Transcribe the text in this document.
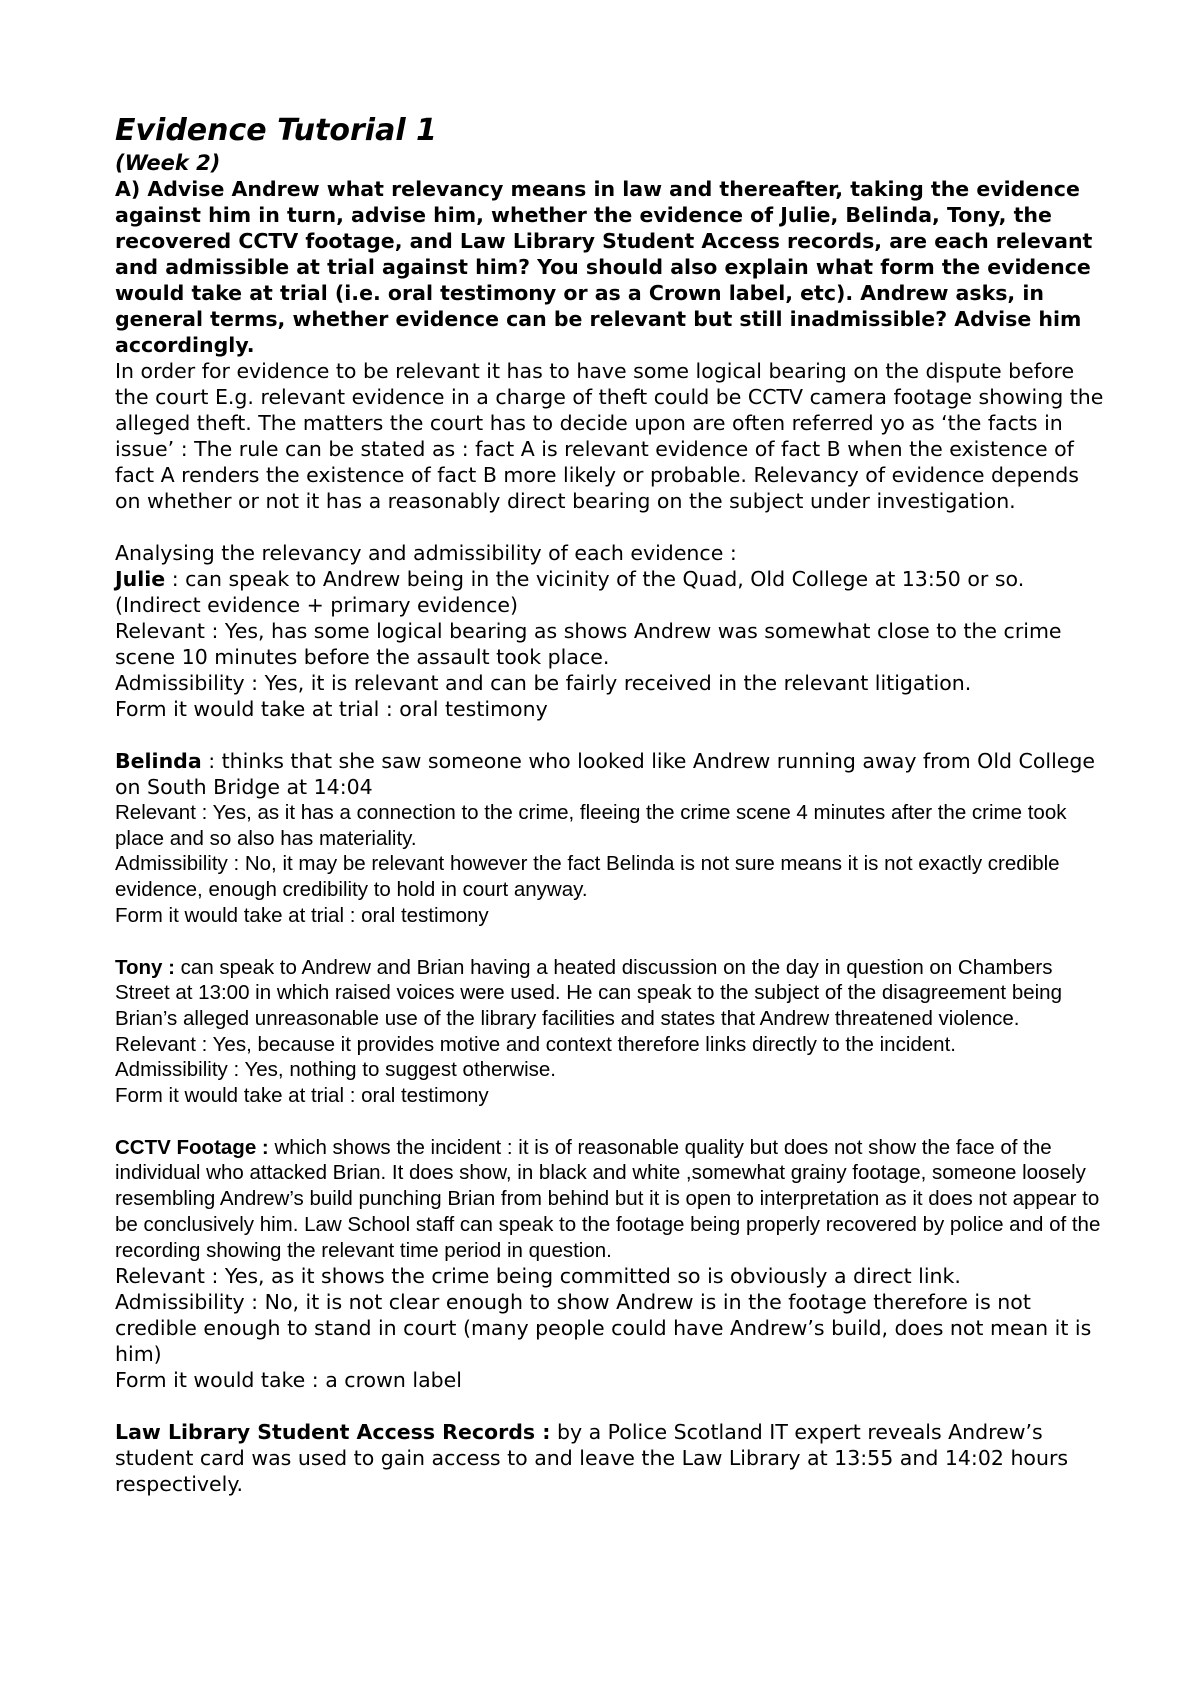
Evidence Tutorial 1
(Week 2)

A) Advise Andrew what relevancy means in law and thereafter, taking the evidence against him in turn, advise him, whether the evidence of Julie, Belinda, Tony, the recovered CCTV footage, and Law Library Student Access records, are each relevant and admissible at trial against him? You should also explain what form the evidence would take at trial (i.e. oral testimony or as a Crown label, etc). Andrew asks, in general terms, whether evidence can be relevant but still inadmissible? Advise him accordingly.

In order for evidence to be relevant it has to have some logical bearing on the dispute before the court E.g. relevant evidence in a charge of theft could be CCTV camera footage showing the alleged theft. The matters the court has to decide upon are often referred yo as ‘the facts in issue’ : The rule can be stated as : fact A is relevant evidence of fact B when the existence of fact A renders the existence of fact B more likely or probable. Relevancy of evidence depends on whether or not it has a reasonably direct bearing on the subject under investigation.

Analysing the relevancy and admissibility of each evidence :

Julie : can speak to Andrew being in the vicinity of the Quad, Old College at 13:50 or so. (Indirect evidence + primary evidence)

Relevant : Yes, has some logical bearing as shows Andrew was somewhat close to the crime scene 10 minutes before the assault took place.

Admissibility : Yes, it is relevant and can be fairly received in the relevant litigation.

Form it would take at trial : oral testimony

Belinda : thinks that she saw someone who looked like Andrew running away from Old College on South Bridge at 14:04

Relevant : Yes, as it has a connection to the crime, fleeing the crime scene 4 minutes after the crime took place and so also has materiality.

Admissibility : No, it may be relevant however the fact Belinda is not sure means it is not exactly credible evidence, enough credibility to hold in court anyway.

Form it would take at trial : oral testimony

Tony : can speak to Andrew and Brian having a heated discussion on the day in question on Chambers Street at 13:00 in which raised voices were used. He can speak to the subject of the disagreement being Brian’s alleged unreasonable use of the library facilities and states that Andrew threatened violence.

Relevant : Yes, because it provides motive and context therefore links directly to the incident.

Admissibility : Yes, nothing to suggest otherwise.

Form it would take at trial : oral testimony

CCTV Footage : which shows the incident : it is of reasonable quality but does not show the face of the individual who attacked Brian. It does show, in black and white ,somewhat grainy footage, someone loosely resembling Andrew’s build punching Brian from behind but it is open to interpretation as it does not appear to be conclusively him. Law School staff can speak to the footage being properly recovered by police and of the recording showing the relevant time period in question.

Relevant : Yes, as it shows the crime being committed so is obviously a direct link.

Admissibility : No, it is not clear enough to show Andrew is in the footage therefore is not credible enough to stand in court (many people could have Andrew’s build, does not mean it is him)

Form it would take : a crown label

Law Library Student Access Records : by a Police Scotland IT expert reveals Andrew’s student card was used to gain access to and leave the Law Library at 13:55 and 14:02 hours respectively.
